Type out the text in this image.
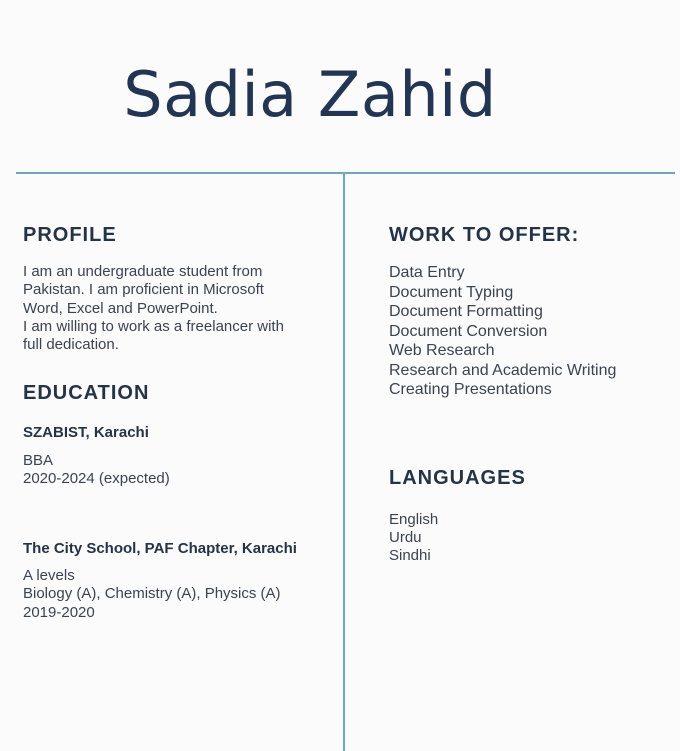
Sadia Zahid
PROFILE
I am an undergraduate student from
Pakistan. I am proficient in Microsoft
Word, Excel and PowerPoint.
I am willing to work as a freelancer with
full dedication.
EDUCATION
SZABIST, Karachi
BBA
2020-2024 (expected)
The City School, PAF Chapter, Karachi
A levels
Biology (A), Chemistry (A), Physics (A)
2019-2020
WORK TO OFFER:
Data Entry
Document Typing
Document Formatting
Document Conversion
Web Research
Research and Academic Writing
Creating Presentations
LANGUAGES
English
Urdu
Sindhi
